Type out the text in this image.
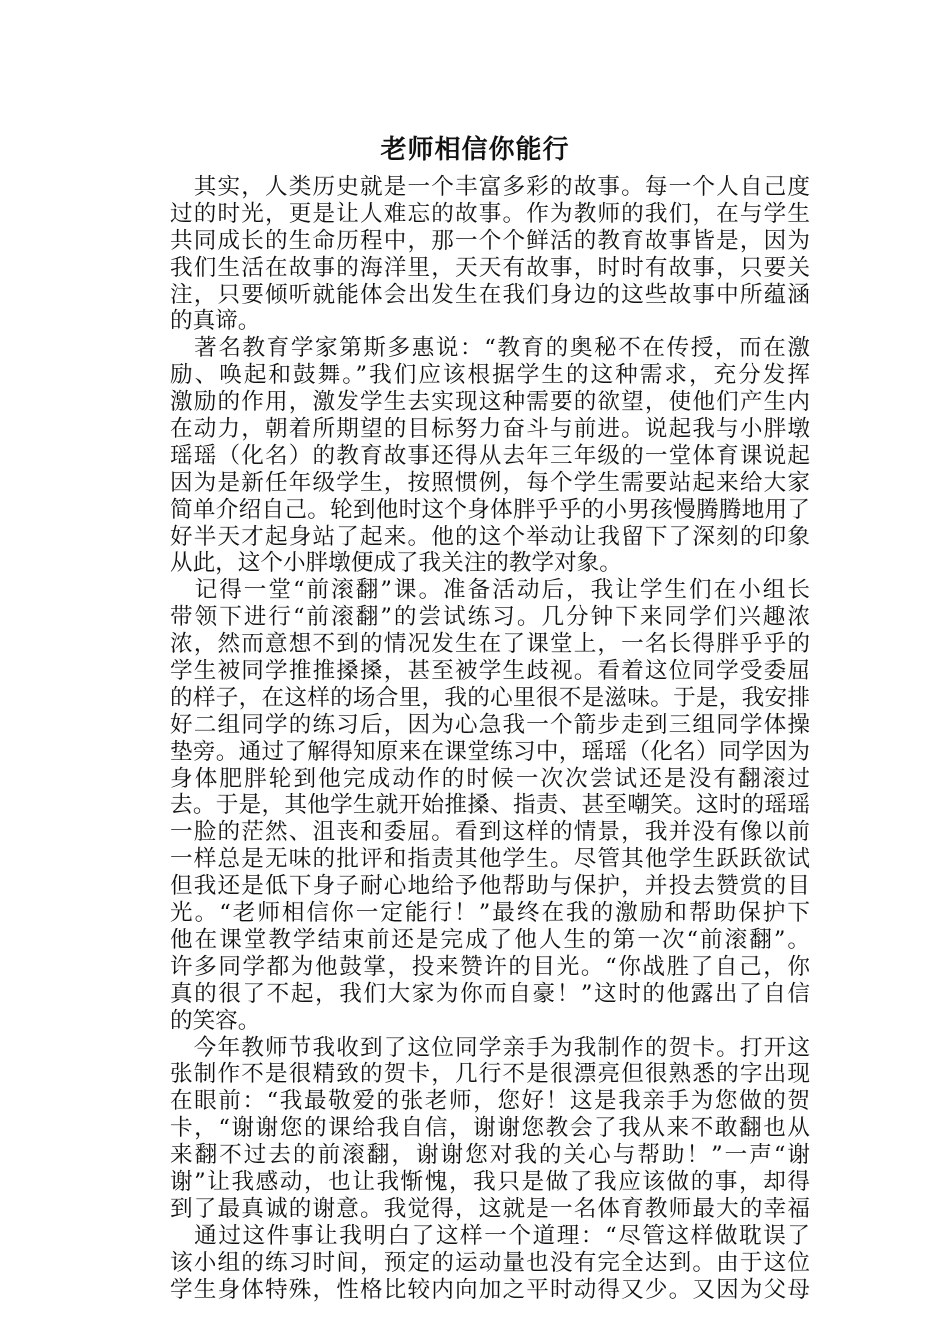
老师相信你能行
　其实，人类历史就是一个丰富多彩的故事。每一个人自己度
过的时光，更是让人难忘的故事。作为教师的我们，在与学生
共同成长的生命历程中，那一个个鲜活的教育故事皆是，因为
我们生活在故事的海洋里，天天有故事，时时有故事，只要关
注，只要倾听就能体会出发生在我们身边的这些故事中所蕴涵
的真谛。
　著名教育学家第斯多惠说：“教育的奥秘不在传授，而在激
励、唤起和鼓舞。”我们应该根据学生的这种需求，充分发挥
激励的作用，激发学生去实现这种需要的欲望，使他们产生内
在动力，朝着所期望的目标努力奋斗与前进。说起我与小胖墩
瑶瑶（化名）的教育故事还得从去年三年级的一堂体育课说起
因为是新任年级学生，按照惯例，每个学生需要站起来给大家
简单介绍自己。轮到他时这个身体胖乎乎的小男孩慢腾腾地用了
好半天才起身站了起来。他的这个举动让我留下了深刻的印象
从此，这个小胖墩便成了我关注的教学对象。
　记得一堂“前滚翻”课。准备活动后，我让学生们在小组长
带领下进行“前滚翻”的尝试练习。几分钟下来同学们兴趣浓
浓，然而意想不到的情况发生在了课堂上，一名长得胖乎乎的
学生被同学推推搡搡，甚至被学生歧视。看着这位同学受委屈
的样子，在这样的场合里，我的心里很不是滋味。于是，我安排
好二组同学的练习后，因为心急我一个箭步走到三组同学体操
垫旁。通过了解得知原来在课堂练习中，瑶瑶（化名）同学因为
身体肥胖轮到他完成动作的时候一次次尝试还是没有翻滚过
去。于是，其他学生就开始推搡、指责、甚至嘲笑。这时的瑶瑶
一脸的茫然、沮丧和委屈。看到这样的情景，我并没有像以前
一样总是无味的批评和指责其他学生。尽管其他学生跃跃欲试
但我还是低下身子耐心地给予他帮助与保护，并投去赞赏的目
光。“老师相信你一定能行！”最终在我的激励和帮助保护下
他在课堂教学结束前还是完成了他人生的第一次“前滚翻”。
许多同学都为他鼓掌，投来赞许的目光。“你战胜了自己，你
真的很了不起，我们大家为你而自豪！”这时的他露出了自信
的笑容。
　今年教师节我收到了这位同学亲手为我制作的贺卡。打开这
张制作不是很精致的贺卡，几行不是很漂亮但很熟悉的字出现
在眼前：“我最敬爱的张老师，您好！这是我亲手为您做的贺
卡，“谢谢您的课给我自信，谢谢您教会了我从来不敢翻也从
来翻不过去的前滚翻，谢谢您对我的关心与帮助！”一声“谢
谢”让我感动，也让我惭愧，我只是做了我应该做的事，却得
到了最真诚的谢意。我觉得，这就是一名体育教师最大的幸福
　通过这件事让我明白了这样一个道理：“尽管这样做耽误了
该小组的练习时间，预定的运动量也没有完全达到。由于这位
学生身体特殊，性格比较内向加之平时动得又少。又因为父母
